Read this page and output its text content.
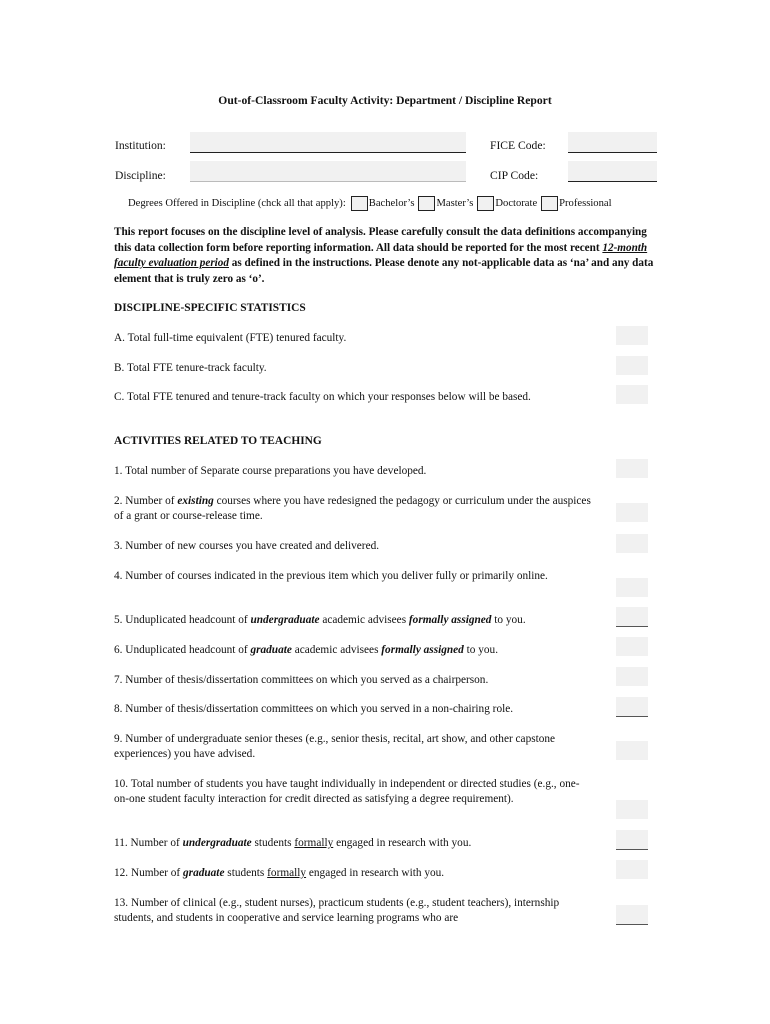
Out-of-Classroom Faculty Activity: Department / Discipline Report
Institution:	FICE Code:
Discipline:	CIP Code:
Degrees Offered in Discipline (chck all that apply): Bachelor’s Master’s Doctorate Professional
This report focuses on the discipline level of analysis. Please carefully consult the data definitions accompanying this data collection form before reporting information. All data should be reported for the most recent 12-month faculty evaluation period as defined in the instructions. Please denote any not-applicable data as ‘na’ and any data element that is truly zero as ‘o’.
DISCIPLINE-SPECIFIC STATISTICS
A. Total full-time equivalent (FTE) tenured faculty.
B. Total FTE tenure-track faculty.
C. Total FTE tenured and tenure-track faculty on which your responses below will be based.
ACTIVITIES RELATED TO TEACHING
1. Total number of Separate course preparations you have developed.
2. Number of existing courses where you have redesigned the pedagogy or curriculum under the auspices of a grant or course-release time.
3. Number of new courses you have created and delivered.
4. Number of courses indicated in the previous item which you deliver fully or primarily online.
5. Unduplicated headcount of undergraduate academic advisees formally assigned to you.
6. Unduplicated headcount of graduate academic advisees formally assigned to you.
7. Number of thesis/dissertation committees on which you served as a chairperson.
8. Number of thesis/dissertation committees on which you served in a non-chairing role.
9. Number of undergraduate senior theses (e.g., senior thesis, recital, art show, and other capstone experiences) you have advised.
10. Total number of students you have taught individually in independent or directed studies (e.g., one-on-one student faculty interaction for credit directed as satisfying a degree requirement).
11. Number of undergraduate students formally engaged in research with you.
12. Number of graduate students formally engaged in research with you.
13. Number of clinical (e.g., student nurses), practicum students (e.g., student teachers), internship students, and students in cooperative and service learning programs who are
